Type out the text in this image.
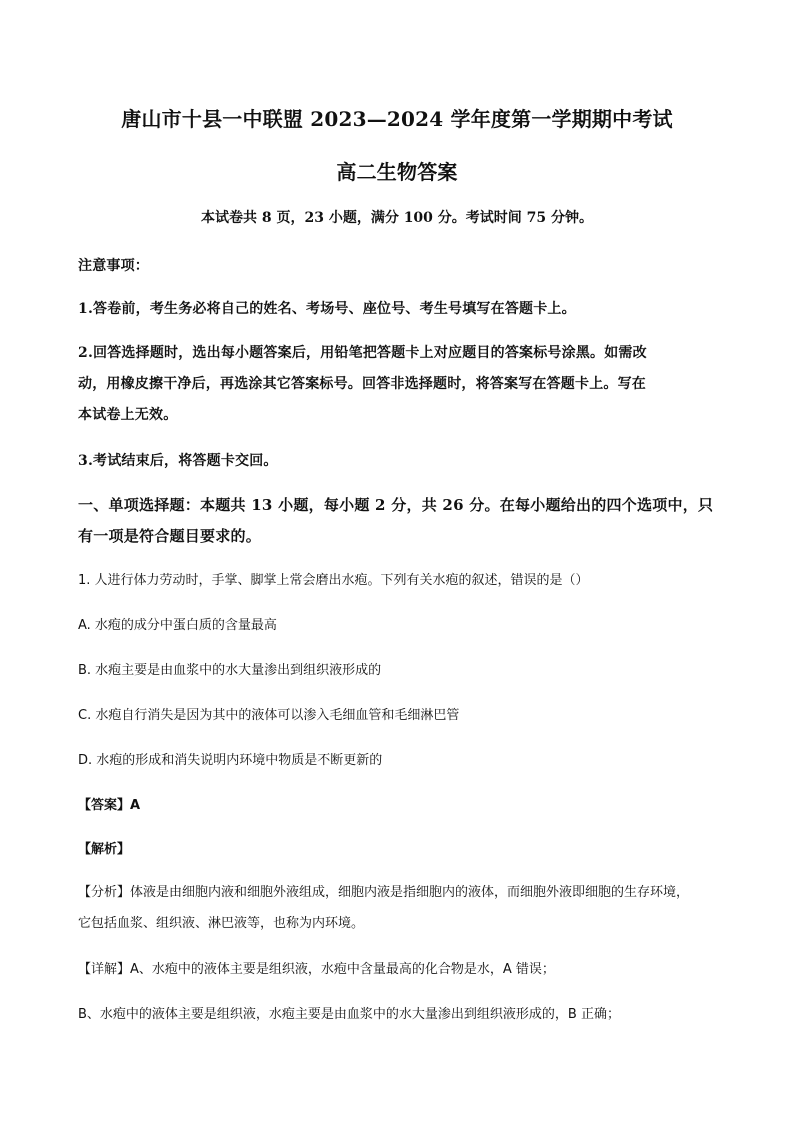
唐山市十县一中联盟 2023—2024 学年度第一学期期中考试
高二生物答案
本试卷共 8 页，23 小题，满分 100 分。考试时间 75 分钟。
注意事项：
1.答卷前，考生务必将自己的姓名、考场号、座位号、考生号填写在答题卡上。
2.回答选择题时，选出每小题答案后，用铅笔把答题卡上对应题目的答案标号涂黑。如需改
动，用橡皮擦干净后，再选涂其它答案标号。回答非选择题时，将答案写在答题卡上。写在
本试卷上无效。
3.考试结束后，将答题卡交回。
一、单项选择题：本题共 13 小题，每小题 2 分，共 26 分。在每小题给出的四个选项中，只
有一项是符合题目要求的。
1. 人进行体力劳动时，手掌、脚掌上常会磨出水疱。下列有关水疱的叙述，错误的是（）
A. 水疱的成分中蛋白质的含量最高
B. 水疱主要是由血浆中的水大量渗出到组织液形成的
C. 水疱自行消失是因为其中的液体可以渗入毛细血管和毛细淋巴管
D. 水疱的形成和消失说明内环境中物质是不断更新的
【答案】A
【解析】
【分析】体液是由细胞内液和细胞外液组成，细胞内液是指细胞内的液体，而细胞外液即细胞的生存环境，
它包括血浆、组织液、淋巴液等，也称为内环境。
【详解】A、水疱中的液体主要是组织液，水疱中含量最高的化合物是水，A 错误；
B、水疱中的液体主要是组织液，水疱主要是由血浆中的水大量渗出到组织液形成的，B 正确；
